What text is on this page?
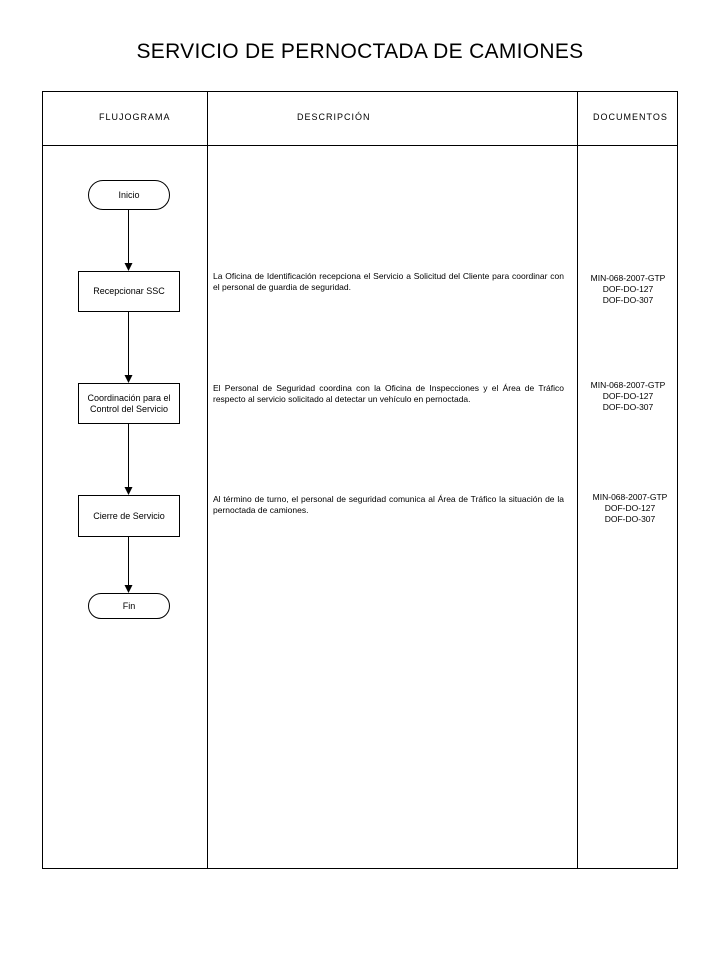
SERVICIO DE PERNOCTADA DE CAMIONES
FLUJOGRAMA	DESCRIPCIÓN	DOCUMENTOS
Inicio
Recepcionar SSC
Coordinación para el
Control del Servicio
Cierre de Servicio
Fin

La Oficina de Identificación recepciona el Servicio a Solicitud del Cliente para coordinar con el personal de guardia de seguridad.

El Personal de Seguridad coordina con la Oficina de Inspecciones y el Área de Tráfico respecto al servicio solicitado al detectar un vehículo en pernoctada.

Al término de turno, el personal de seguridad comunica al Área de Tráfico la situación de la pernoctada de camiones.

MIN-068-2007-GTP
DOF-DO-127
DOF-DO-307
MIN-068-2007-GTP
DOF-DO-127
DOF-DO-307
MIN-068-2007-GTP
DOF-DO-127
DOF-DO-307
